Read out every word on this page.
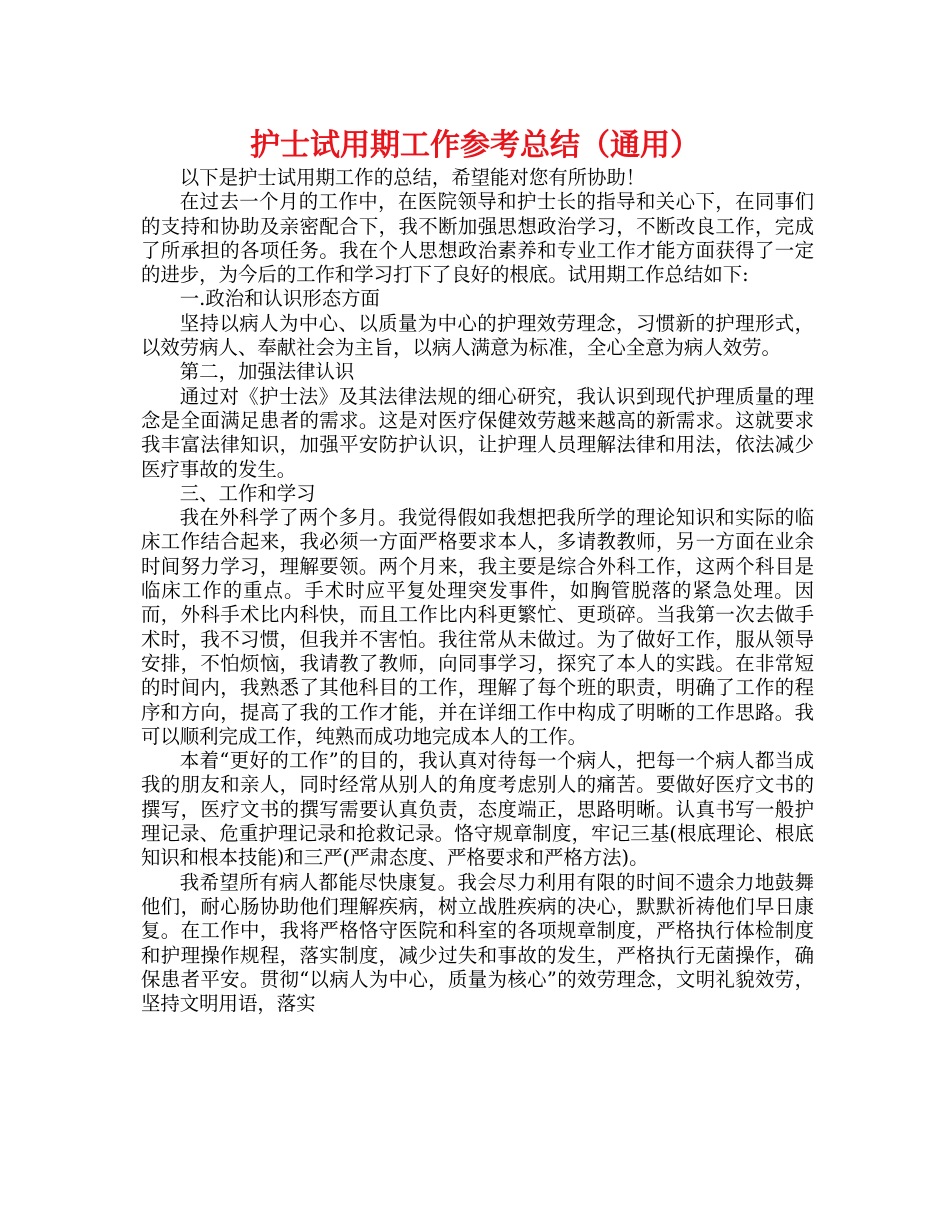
护士试用期工作参考总结（通用）

以下是护士试用期工作的总结，希望能对您有所协助！

在过去一个月的工作中，在医院领导和护士长的指导和关心下，在同事们的支持和协助及亲密配合下，我不断加强思想政治学习，不断改良工作，完成了所承担的各项任务。我在个人思想政治素养和专业工作才能方面获得了一定的进步，为今后的工作和学习打下了良好的根底。试用期工作总结如下:

一.政治和认识形态方面

坚持以病人为中心、以质量为中心的护理效劳理念，习惯新的护理形式，以效劳病人、奉献社会为主旨，以病人满意为标准，全心全意为病人效劳。

第二，加强法律认识

通过对《护士法》及其法律法规的细心研究，我认识到现代护理质量的理念是全面满足患者的需求。这是对医疗保健效劳越来越高的新需求。这就要求我丰富法律知识，加强平安防护认识，让护理人员理解法律和用法，依法减少医疗事故的发生。

三、工作和学习

我在外科学了两个多月。我觉得假如我想把我所学的理论知识和实际的临床工作结合起来，我必须一方面严格要求本人，多请教教师，另一方面在业余时间努力学习，理解要领。两个月来，我主要是综合外科工作，这两个科目是临床工作的重点。手术时应平复处理突发事件，如胸管脱落的紧急处理。因而，外科手术比内科快，而且工作比内科更繁忙、更琐碎。当我第一次去做手术时，我不习惯，但我并不害怕。我往常从未做过。为了做好工作，服从领导安排，不怕烦恼，我请教了教师，向同事学习，探究了本人的实践。在非常短的时间内，我熟悉了其他科目的工作，理解了每个班的职责，明确了工作的程序和方向，提高了我的工作才能，并在详细工作中构成了明晰的工作思路。我可以顺利完成工作，纯熟而成功地完成本人的工作。

本着“更好的工作”的目的，我认真对待每一个病人，把每一个病人都当成我的朋友和亲人，同时经常从别人的角度考虑别人的痛苦。要做好医疗文书的撰写，医疗文书的撰写需要认真负责，态度端正，思路明晰。认真书写一般护理记录、危重护理记录和抢救记录。恪守规章制度，牢记三基(根底理论、根底知识和根本技能)和三严(严肃态度、严格要求和严格方法)。

我希望所有病人都能尽快康复。我会尽力利用有限的时间不遗余力地鼓舞他们，耐心肠协助他们理解疾病，树立战胜疾病的决心，默默祈祷他们早日康复。在工作中，我将严格恪守医院和科室的各项规章制度，严格执行体检制度和护理操作规程，落实制度，减少过失和事故的发生，严格执行无菌操作，确保患者平安。贯彻“以病人为中心，质量为核心”的效劳理念，文明礼貌效劳，坚持文明用语，落实
